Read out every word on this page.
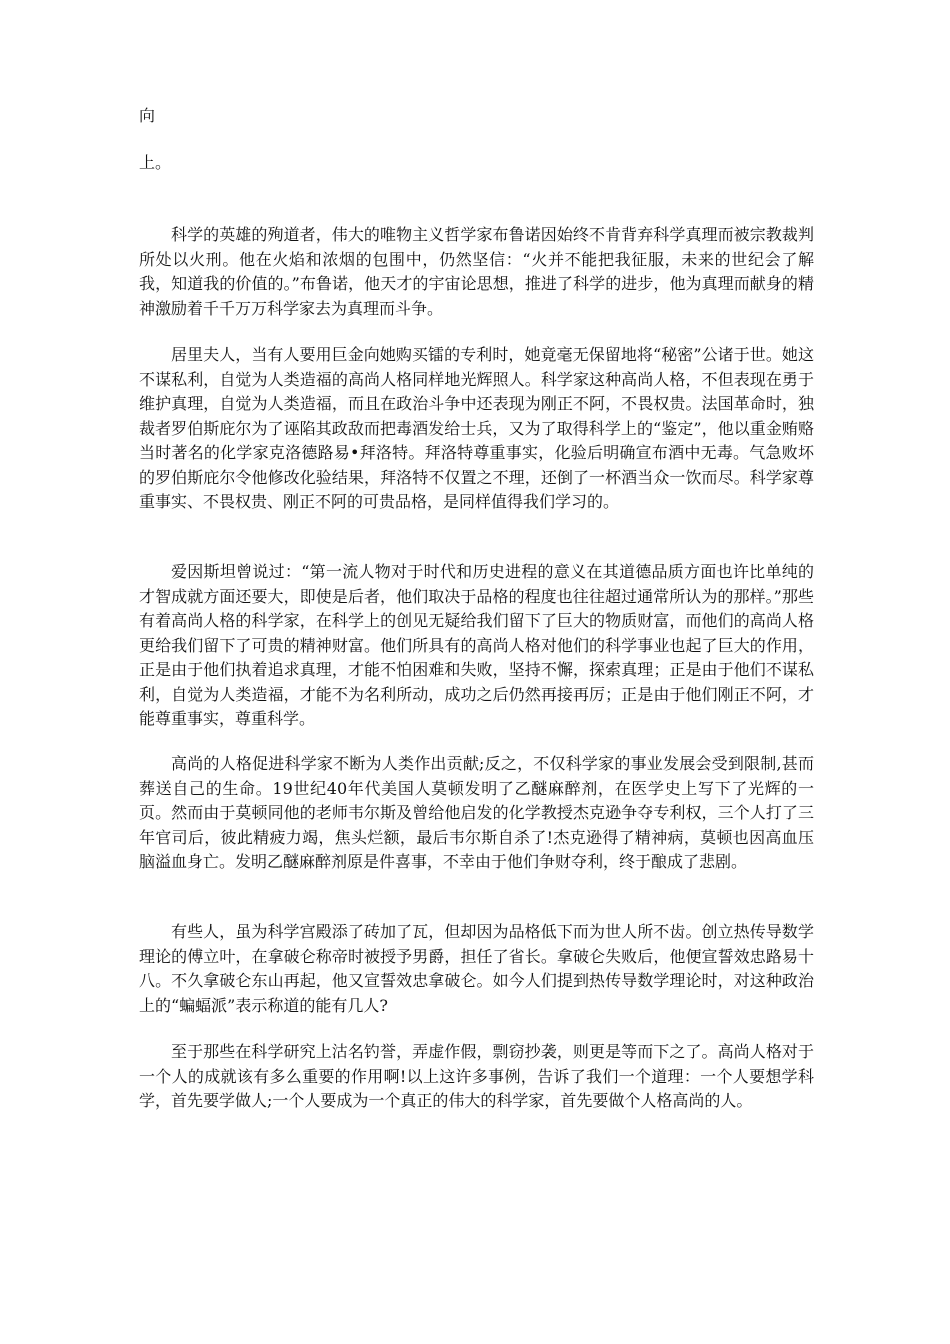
向

上。

科学的英雄的殉道者，伟大的唯物主义哲学家布鲁诺因始终不肯背弃科学真理而被宗教裁判所处以火刑。他在火焰和浓烟的包围中，仍然坚信：“火并不能把我征服，未来的世纪会了解我，知道我的价值的。”布鲁诺，他天才的宇宙论思想，推进了科学的进步，他为真理而献身的精神激励着千千万万科学家去为真理而斗争。

居里夫人，当有人要用巨金向她购买镭的专利时，她竟毫无保留地将“秘密”公诸于世。她这不谋私利，自觉为人类造福的高尚人格同样地光辉照人。科学家这种高尚人格，不但表现在勇于维护真理，自觉为人类造福，而且在政治斗争中还表现为刚正不阿，不畏权贵。法国革命时，独裁者罗伯斯庇尔为了诬陷其政敌而把毒酒发给士兵，又为了取得科学上的“鉴定”，他以重金贿赂当时著名的化学家克洛德路易•拜洛特。拜洛特尊重事实，化验后明确宣布酒中无毒。气急败坏的罗伯斯庇尔令他修改化验结果，拜洛特不仅置之不理，还倒了一杯酒当众一饮而尽。科学家尊重事实、不畏权贵、刚正不阿的可贵品格，是同样值得我们学习的。

爱因斯坦曾说过：“第一流人物对于时代和历史进程的意义在其道德品质方面也许比单纯的才智成就方面还要大，即使是后者，他们取决于品格的程度也往往超过通常所认为的那样。”那些有着高尚人格的科学家，在科学上的创见无疑给我们留下了巨大的物质财富，而他们的高尚人格更给我们留下了可贵的精神财富。他们所具有的高尚人格对他们的科学事业也起了巨大的作用，正是由于他们执着追求真理，才能不怕困难和失败，坚持不懈，探索真理；正是由于他们不谋私利，自觉为人类造福，才能不为名利所动，成功之后仍然再接再厉；正是由于他们刚正不阿，才能尊重事实，尊重科学。

高尚的人格促进科学家不断为人类作出贡献;反之，不仅科学家的事业发展会受到限制,甚而葬送自己的生命。19世纪40年代美国人莫顿发明了乙醚麻醉剂，在医学史上写下了光辉的一页。然而由于莫顿同他的老师韦尔斯及曾给他启发的化学教授杰克逊争夺专利权，三个人打了三年官司后，彼此精疲力竭，焦头烂额，最后韦尔斯自杀了!杰克逊得了精神病，莫顿也因高血压脑溢血身亡。发明乙醚麻醉剂原是件喜事，不幸由于他们争财夺利，终于酿成了悲剧。

有些人，虽为科学宫殿添了砖加了瓦，但却因为品格低下而为世人所不齿。创立热传导数学理论的傅立叶，在拿破仑称帝时被授予男爵，担任了省长。拿破仑失败后，他便宣誓效忠路易十八。不久拿破仑东山再起，他又宣誓效忠拿破仑。如今人们提到热传导数学理论时，对这种政治上的“蝙蝠派”表示称道的能有几人?

至于那些在科学研究上沽名钓誉，弄虚作假，剽窃抄袭，则更是等而下之了。高尚人格对于一个人的成就该有多么重要的作用啊!以上这许多事例，告诉了我们一个道理：一个人要想学科学，首先要学做人;一个人要成为一个真正的伟大的科学家，首先要做个人格高尚的人。
